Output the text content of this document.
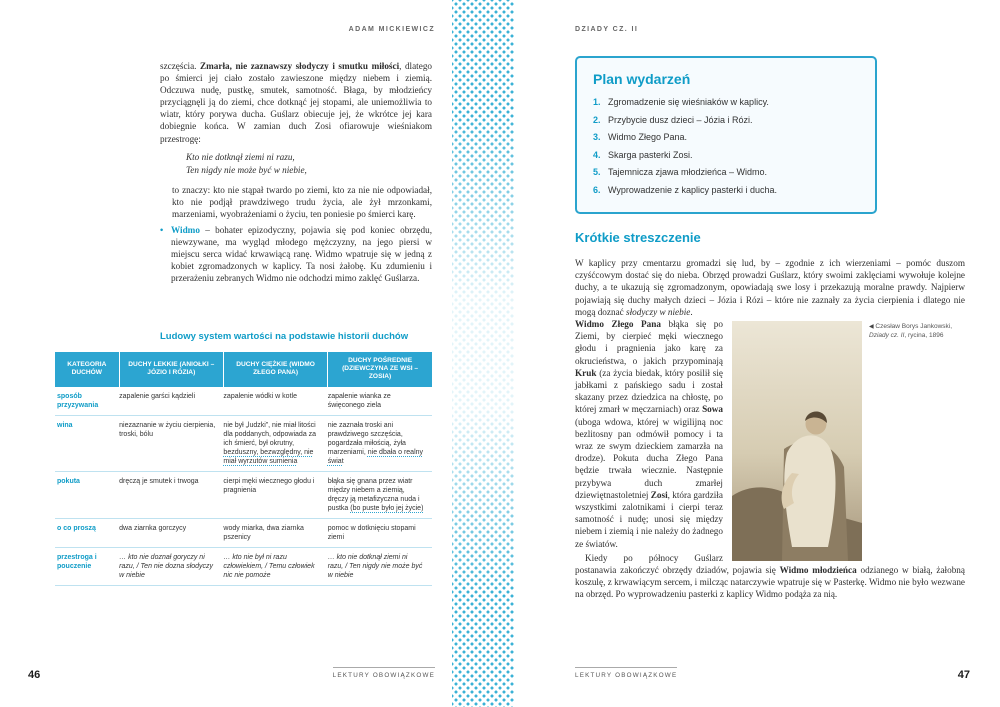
ADAM MICKIEWICZ

szczęścia. Zmarła, nie zaznawszy słodyczy i smutku miłości, dlatego po śmierci jej ciało zostało zawieszone między niebem i ziemią. Odczuwa nudę, pustkę, smutek, samotność. Błaga, by młodzieńcy przyciągnęli ją do ziemi, chce dotknąć jej stopami, ale uniemożliwia to wiatr, który porywa ducha. Guślarz obiecuje jej, że wkrótce jej kara dobiegnie końca. W zamian duch Zosi ofiarowuje wieśniakom przestrogę:

Kto nie dotknął ziemi ni razu,
Ten nigdy nie może być w niebie,

to znaczy: kto nie stąpał twardo po ziemi, kto za nie nie odpowiadał, kto nie podjął prawdziwego trudu życia, ale żył mrzonkami, marzeniami, wyobrażeniami o życiu, ten poniesie po śmierci karę.

• Widmo – bohater epizodyczny, pojawia się pod koniec obrzędu, niewzywane, ma wygląd młodego mężczyzny, na jego piersi w miejscu serca widać krwawiącą ranę. Widmo wpatruje się w jedną z kobiet zgromadzonych w kaplicy. Ta nosi żałobę. Ku zdumieniu i przerażeniu zebranych Widmo nie odchodzi mimo zaklęć Guślarza.

Ludowy system wartości na podstawie historii duchów
KATEGORIA DUCHÓW	DUCHY LEKKIE (ANIOŁKI – JÓZIO I RÓZIA)	DUCHY CIĘŻKIE (WIDMO ZŁEGO PANA)	DUCHY POŚREDNIE (DZIEWCZYNA ZE WSI – ZOSIA)
sposób przyzywania	zapalenie garści kądzieli	zapalenie wódki w kotle	zapalenie wianka ze święconego ziela
wina	niezaznanie w życiu cierpienia, troski, bólu	nie był „ludzki”, nie miał litości dla poddanych, odpowiada za ich śmierć, był okrutny, bezduszny, bezwzględny, nie miał wyrzutów sumienia	nie zaznała troski ani prawdziwego szczęścia, pogardzała miłością, żyła marzeniami, nie dbała o realny świat
pokuta	dręczą je smutek i trwoga	cierpi męki wiecznego głodu i pragnienia	błąka się gnana przez wiatr między niebem a ziemią, dręczy ją metafizyczna nuda i pustka (bo puste było jej życie)
o co proszą	dwa ziarnka gorczycy	wody miarka, dwa ziarnka pszenicy	pomoc w dotknięciu stopami ziemi
przestroga i pouczenie	… kto nie doznał goryczy ni razu, / Ten nie dozna słodyczy w niebie	… kto nie był ni razu człowiekiem, / Temu człowiek nic nie pomoże	… kto nie dotknął ziemi ni razu, / Ten nigdy nie może być w niebie
46	LEKTURY OBOWIĄZKOWE
DZIADY CZ. II
Plan wydarzeń
1. Zgromadzenie się wieśniaków w kaplicy.
2. Przybycie dusz dzieci – Józia i Rózi.
3. Widmo Złego Pana.
4. Skarga pasterki Zosi.
5. Tajemnicza zjawa młodzieńca – Widmo.
6. Wyprowadzenie z kaplicy pasterki i ducha.
Krótkie streszczenie

W kaplicy przy cmentarzu gromadzi się lud, by – zgodnie z ich wierzeniami – pomóc duszom czyśćcowym dostać się do nieba. Obrzęd prowadzi Guślarz, który swoimi zaklęciami wywołuje kolejne duchy, a te ukazują się zgromadzonym, opowiadają swe losy i przekazują moralne prawdy. Najpierw pojawiają się duchy małych dzieci – Józia i Rózi – które nie zaznały za życia cierpienia i dlatego nie mogą doznać słodyczy w niebie.

◀ Czesław Borys Jankowski, Dziady cz. II, rycina, 1896

Widmo Złego Pana błąka się po Ziemi, by cierpieć męki wiecznego głodu i pragnienia jako karę za okrucieństwa, o jakich przypominają Kruk (za życia biedak, który posilił się jabłkami z pańskiego sadu i został skazany przez dziedzica na chłostę, po której zmarł w męczarniach) oraz Sowa (uboga wdowa, której w wigilijną noc bezlitosny pan odmówił pomocy i ta wraz ze swym dzieckiem zamarzła na drodze). Pokuta ducha Złego Pana będzie trwała wiecznie. Następnie przybywa duch zmarłej dziewiętnastoletniej Zosi, która gardziła wszystkimi zalotnikami i cierpi teraz samotność i nudę; unosi się między niebem i ziemią i nie należy do żadnego ze światów.

Kiedy po północy Guślarz postanawia zakończyć obrzędy dziadów, pojawia się Widmo młodzieńca odzianego w białą, żałobną koszulę, z krwawiącym sercem, i milcząc natarczywie wpatruje się w Pasterkę. Widmo nie było wezwane na obrzęd. Po wyprowadzeniu pasterki z kaplicy Widmo podąża za nią.

47
LEKTURY OBOWIĄZKOWE
